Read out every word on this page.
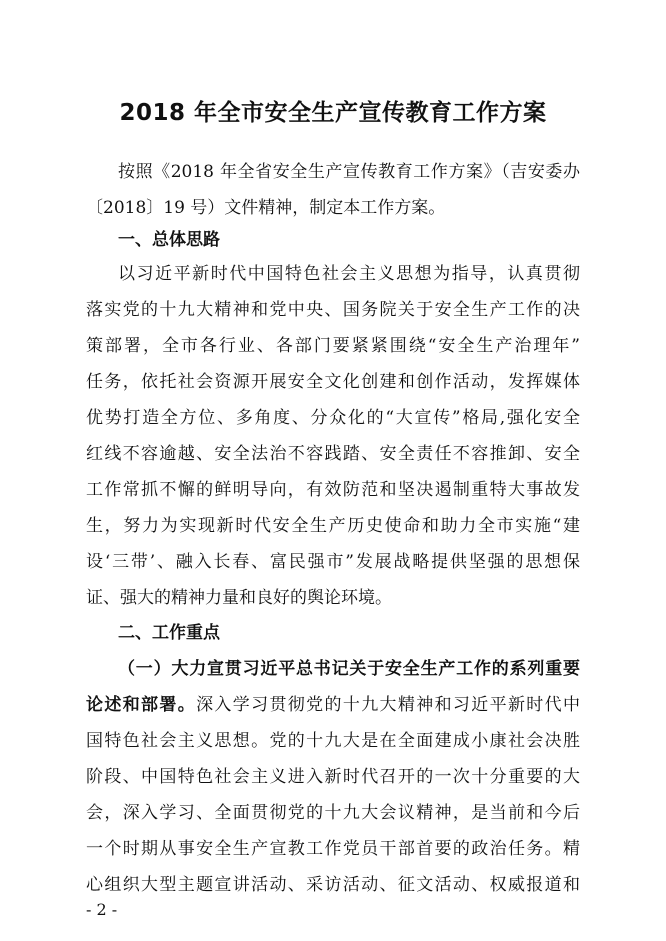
2018 年全市安全生产宣传教育工作方案
按照《2018 年全省安全生产宣传教育工作方案》（吉安委办
〔2018〕19 号）文件精神，制定本工作方案。
一、总体思路
以习近平新时代中国特色社会主义思想为指导，认真贯彻
落实党的十九大精神和党中央、国务院关于安全生产工作的决
策部署，全市各行业、各部门要紧紧围绕“安全生产治理年”
任务，依托社会资源开展安全文化创建和创作活动，发挥媒体
优势打造全方位、多角度、分众化的“大宣传”格局,强化安全
红线不容逾越、安全法治不容践踏、安全责任不容推卸、安全
工作常抓不懈的鲜明导向，有效防范和坚决遏制重特大事故发
生，努力为实现新时代安全生产历史使命和助力全市实施“建
设‘三带’、融入长春、富民强市”发展战略提供坚强的思想保
证、强大的精神力量和良好的舆论环境。
二、工作重点
（一）大力宣贯习近平总书记关于安全生产工作的系列重要
论述和部署。深入学习贯彻党的十九大精神和习近平新时代中
国特色社会主义思想。党的十九大是在全面建成小康社会决胜
阶段、中国特色社会主义进入新时代召开的一次十分重要的大
会，深入学习、全面贯彻党的十九大会议精神，是当前和今后
一个时期从事安全生产宣教工作党员干部首要的政治任务。精
心组织大型主题宣讲活动、采访活动、征文活动、权威报道和
- 2 -
